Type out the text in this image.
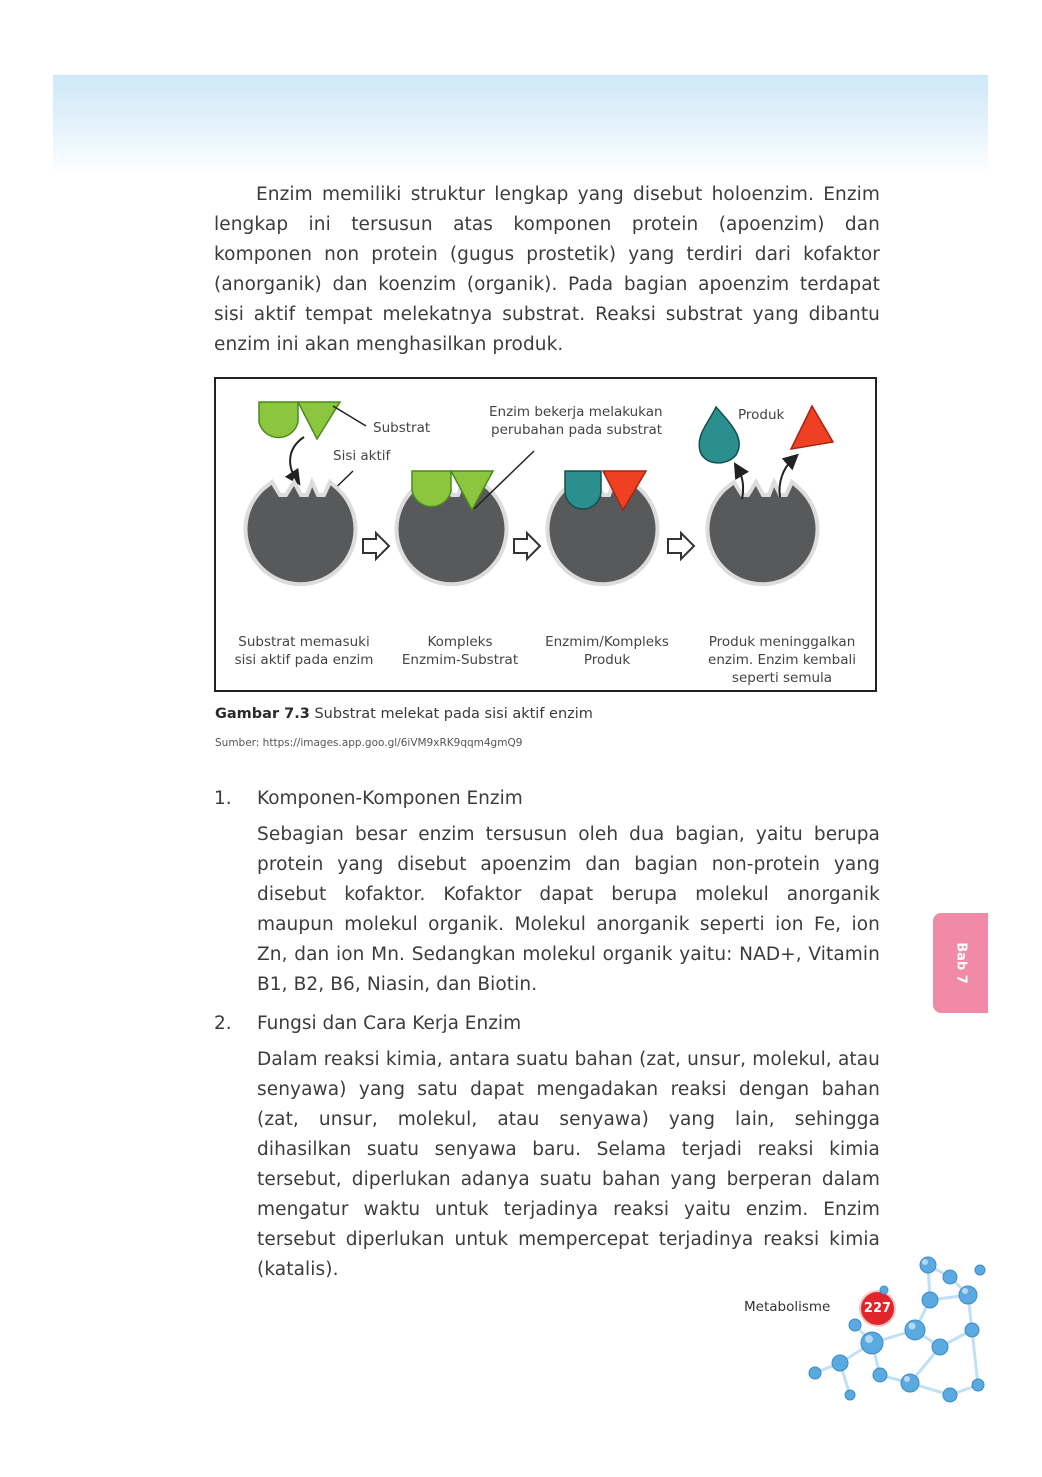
Enzim memiliki struktur lengkap yang disebut holoenzim. Enzim lengkap ini tersusun atas komponen protein (apoenzim) dan komponen non protein (gugus prostetik) yang terdiri dari kofaktor (anorganik) dan koenzim (organik). Pada bagian apoenzim terdapat sisi aktif tempat melekatnya substrat. Reaksi substrat yang dibantu enzim ini akan menghasilkan produk.

Substrat
Sisi aktif
Enzim bekerja melakukan
perubahan pada substrat
Produk
Substrat memasuki
sisi aktif pada enzim
Kompleks
Enzmim-Substrat
Enzmim/Kompleks
Produk
Produk meninggalkan
enzim. Enzim kembali
seperti semula
Gambar 7.3 Substrat melekat pada sisi aktif enzim
Sumber: https://images.app.goo.gl/6iVM9xRK9qqm4gmQ9
1. Komponen-Komponen Enzim

Sebagian besar enzim tersusun oleh dua bagian, yaitu berupa protein yang disebut apoenzim dan bagian non-protein yang disebut kofaktor. Kofaktor dapat berupa molekul anorganik maupun molekul organik. Molekul anorganik seperti ion Fe, ion Zn, dan ion Mn. Sedangkan molekul organik yaitu: NAD+, Vitamin B1, B2, B6, Niasin, dan Biotin.

2. Fungsi dan Cara Kerja Enzim

Dalam reaksi kimia, antara suatu bahan (zat, unsur, molekul, atau senyawa) yang satu dapat mengadakan reaksi dengan bahan (zat, unsur, molekul, atau senyawa) yang lain, sehingga dihasilkan suatu senyawa baru. Selama terjadi reaksi kimia tersebut, diperlukan adanya suatu bahan yang berperan dalam mengatur waktu untuk terjadinya reaksi yaitu enzim. Enzim tersebut diperlukan untuk mempercepat terjadinya reaksi kimia (katalis).

Bab 7
Metabolisme	227
